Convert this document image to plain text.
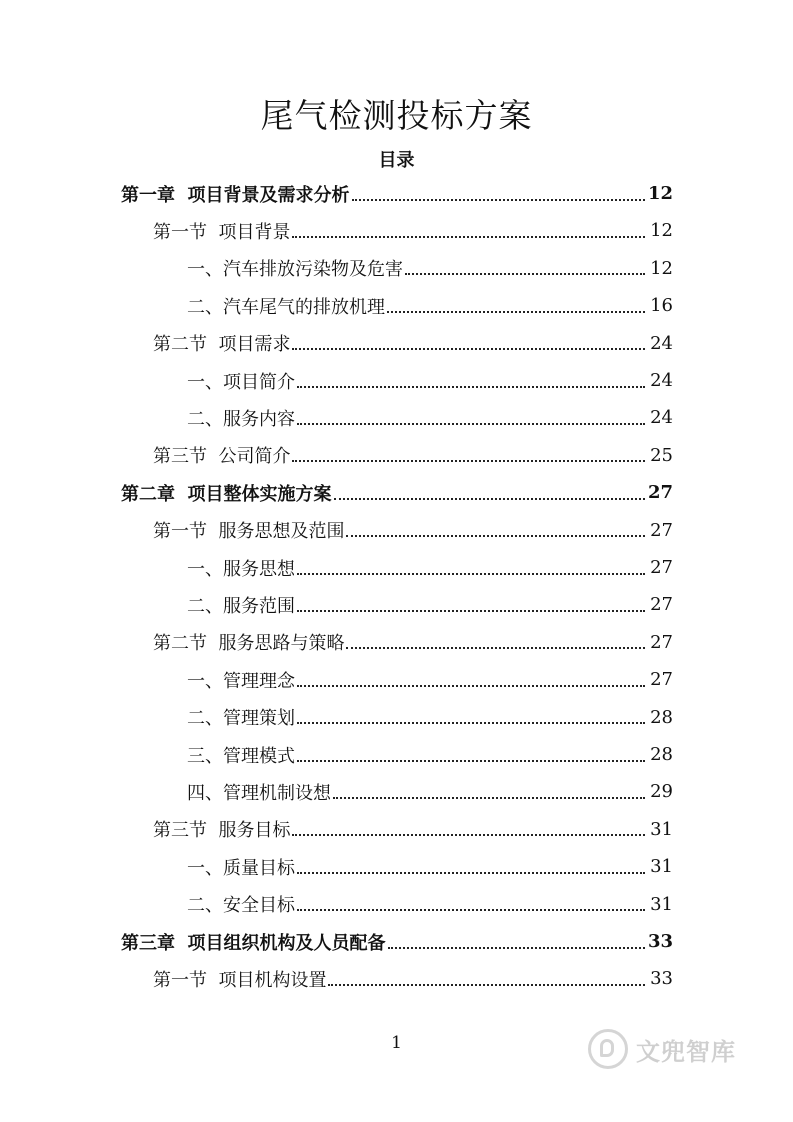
尾气检测投标方案
目录
第一章  项目背景及需求分析	12
第一节  项目背景	12
一、汽车排放污染物及危害	12
二、汽车尾气的排放机理	16
第二节  项目需求	24
一、项目简介	24
二、服务内容	24
第三节  公司简介	25
第二章  项目整体实施方案	27
第一节  服务思想及范围	27
一、服务思想	27
二、服务范围	27
第二节  服务思路与策略	27
一、管理理念	27
二、管理策划	28
三、管理模式	28
四、管理机制设想	29
第三节  服务目标	31
一、质量目标	31
二、安全目标	31
第三章  项目组织机构及人员配备	33
第一节  项目机构设置	33
1	文兜智库
